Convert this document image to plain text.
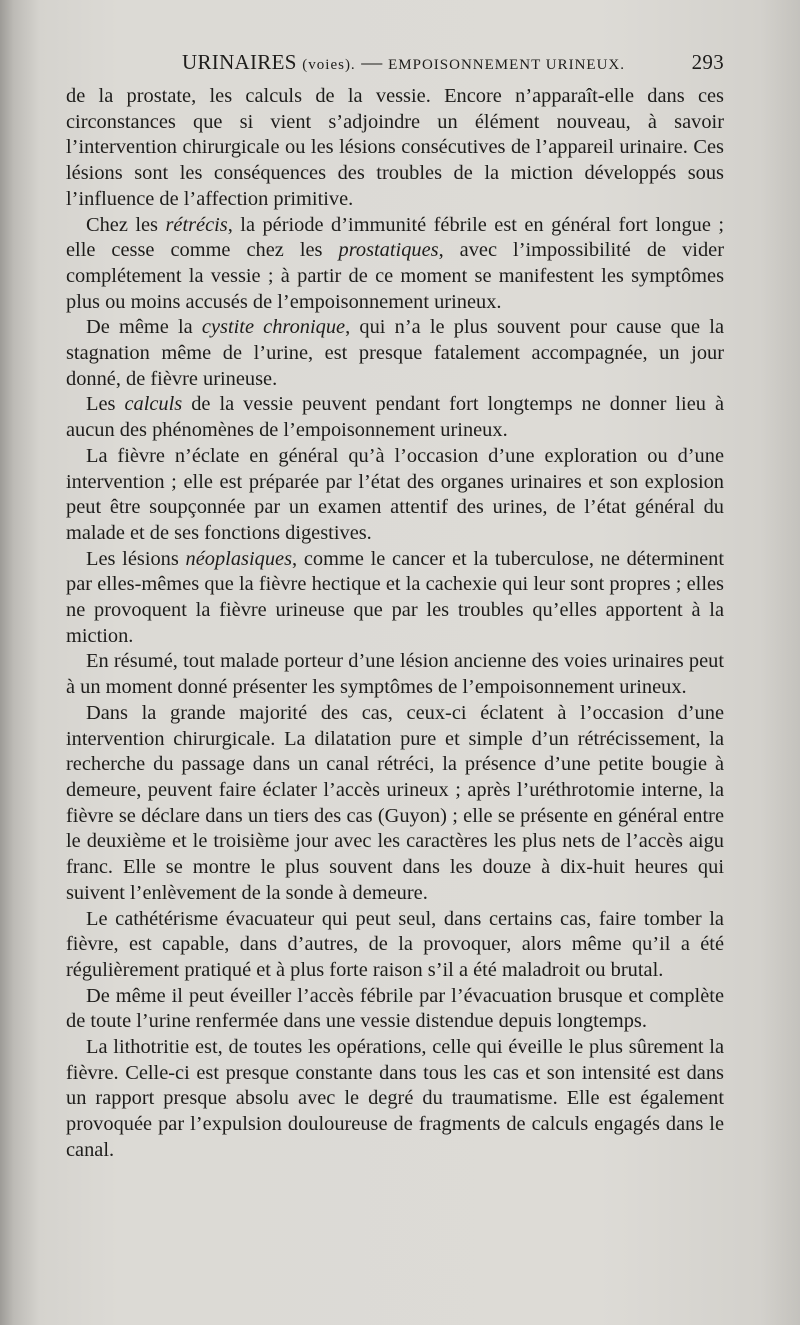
URINAIRES (voies). — EMPOISONNEMENT URINEUX.	293

de la prostate, les calculs de la vessie. Encore n’apparaît-elle dans ces circonstances que si vient s’adjoindre un élément nouveau, à savoir l’intervention chirurgicale ou les lésions consécutives de l’appareil urinaire. Ces lésions sont les conséquences des troubles de la miction développés sous l’influence de l’affection primitive.

Chez les rétrécis, la période d’immunité fébrile est en général fort longue ; elle cesse comme chez les prostatiques, avec l’impossibilité de vider complétement la vessie ; à partir de ce moment se manifestent les symptômes plus ou moins accusés de l’empoisonnement urineux.

De même la cystite chronique, qui n’a le plus souvent pour cause que la stagnation même de l’urine, est presque fatalement accompagnée, un jour donné, de fièvre urineuse.

Les calculs de la vessie peuvent pendant fort longtemps ne donner lieu à aucun des phénomènes de l’empoisonnement urineux.

La fièvre n’éclate en général qu’à l’occasion d’une exploration ou d’une intervention ; elle est préparée par l’état des organes urinaires et son explosion peut être soupçonnée par un examen attentif des urines, de l’état général du malade et de ses fonctions digestives.

Les lésions néoplasiques, comme le cancer et la tuberculose, ne déterminent par elles-mêmes que la fièvre hectique et la cachexie qui leur sont propres ; elles ne provoquent la fièvre urineuse que par les troubles qu’elles apportent à la miction.

En résumé, tout malade porteur d’une lésion ancienne des voies urinaires peut à un moment donné présenter les symptômes de l’empoisonnement urineux.

Dans la grande majorité des cas, ceux-ci éclatent à l’occasion d’une intervention chirurgicale. La dilatation pure et simple d’un rétrécissement, la recherche du passage dans un canal rétréci, la présence d’une petite bougie à demeure, peuvent faire éclater l’accès urineux ; après l’uréthrotomie interne, la fièvre se déclare dans un tiers des cas (Guyon) ; elle se présente en général entre le deuxième et le troisième jour avec les caractères les plus nets de l’accès aigu franc. Elle se montre le plus souvent dans les douze à dix-huit heures qui suivent l’enlèvement de la sonde à demeure.

Le cathétérisme évacuateur qui peut seul, dans certains cas, faire tomber la fièvre, est capable, dans d’autres, de la provoquer, alors même qu’il a été régulièrement pratiqué et à plus forte raison s’il a été maladroit ou brutal.

De même il peut éveiller l’accès fébrile par l’évacuation brusque et complète de toute l’urine renfermée dans une vessie distendue depuis longtemps.

La lithotritie est, de toutes les opérations, celle qui éveille le plus sûrement la fièvre. Celle-ci est presque constante dans tous les cas et son intensité est dans un rapport presque absolu avec le degré du traumatisme. Elle est également provoquée par l’expulsion douloureuse de fragments de calculs engagés dans le canal.
